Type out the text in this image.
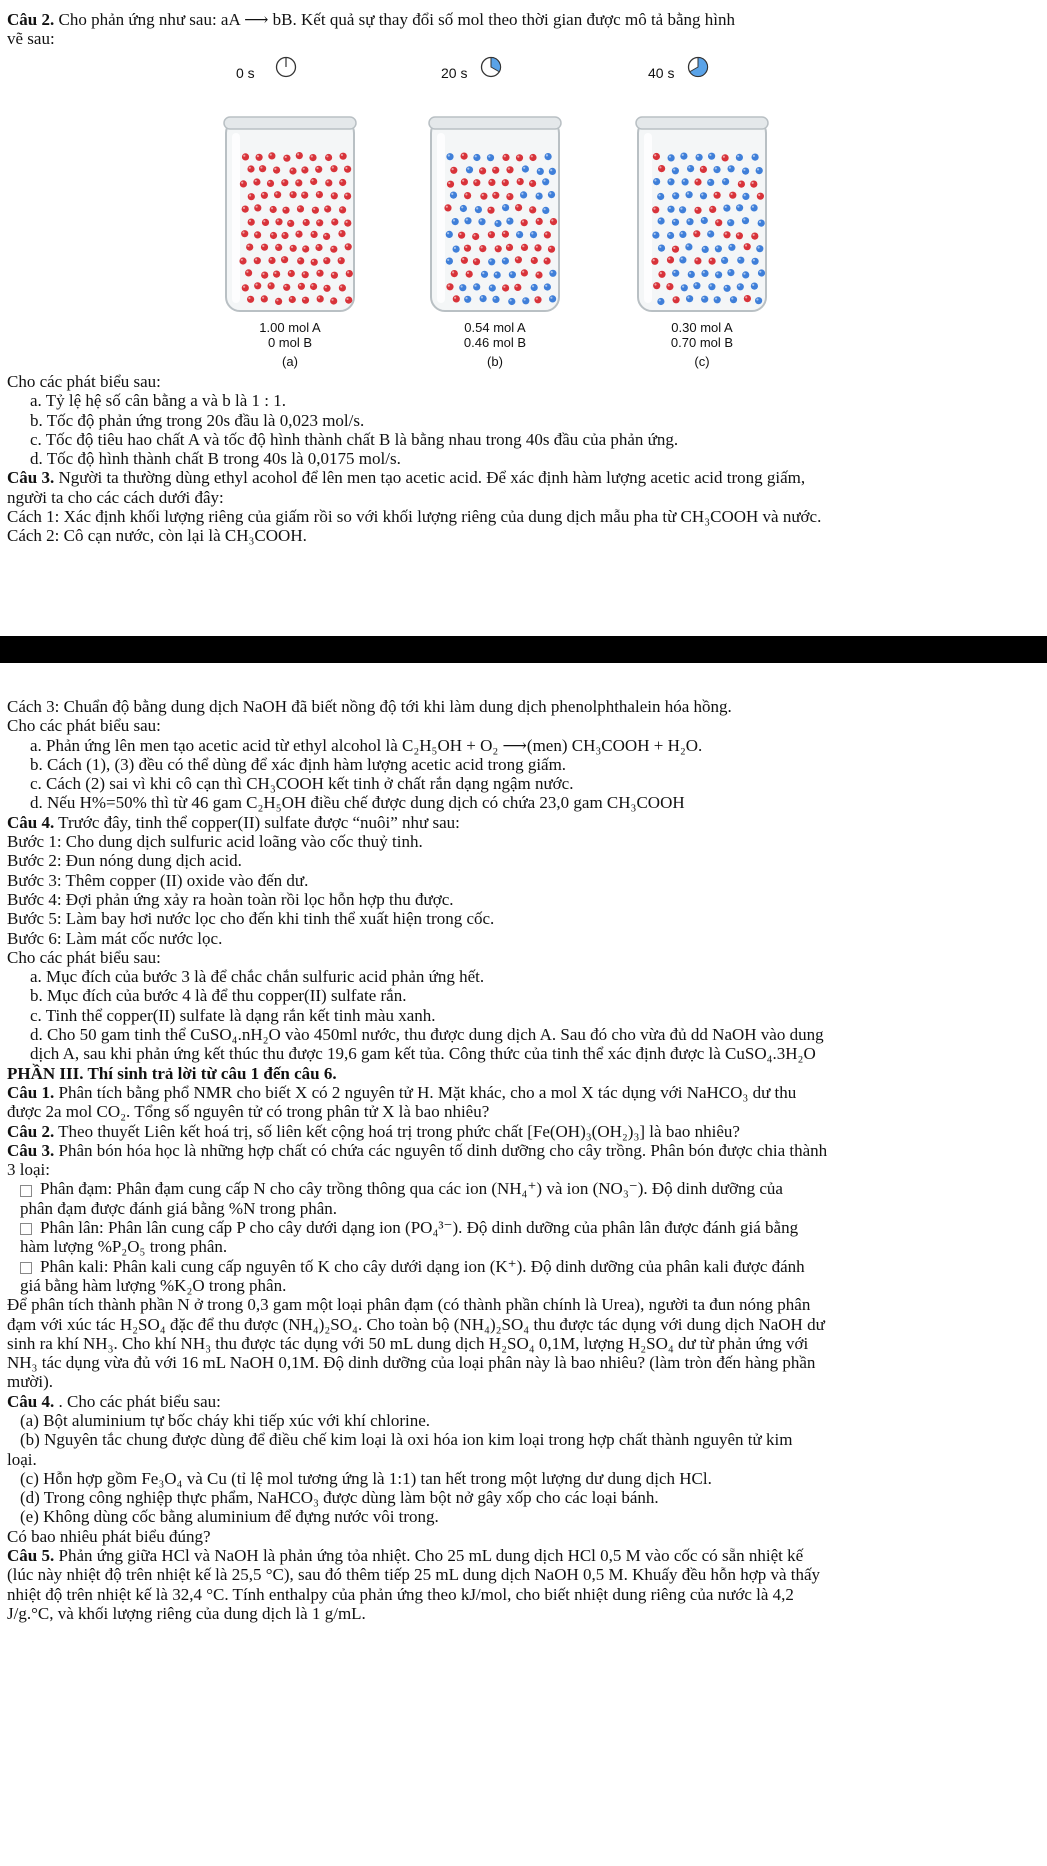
Câu 2. Cho phản ứng như sau: aA ⟶ bB. Kết quả sự thay đổi số mol theo thời gian được mô tả bằng hình

vẽ sau:

0 s
1.00 mol A
0 mol B
(a)
20 s
0.54 mol A
0.46 mol B
(b)
40 s
0.30 mol A
0.70 mol B
(c)

Cho các phát biểu sau:

a. Tỷ lệ hệ số cân bằng a và b là 1 : 1.

b. Tốc độ phản ứng trong 20s đầu là 0,023 mol/s.

c. Tốc độ tiêu hao chất A và tốc độ hình thành chất B là bằng nhau trong 40s đầu của phản ứng.

d. Tốc độ hình thành chất B trong 40s là 0,0175 mol/s.

Câu 3. Người ta thường dùng ethyl acohol để lên men tạo acetic acid. Để xác định hàm lượng acetic acid trong giấm,

người ta cho các cách dưới đây:

Cách 1: Xác định khối lượng riêng của giấm rồi so với khối lượng riêng của dung dịch mẫu pha từ CH₃COOH và nước.

Cách 2: Cô cạn nước, còn lại là CH₃COOH.

Cách 3: Chuẩn độ bằng dung dịch NaOH đã biết nồng độ tới khi làm dung dịch phenolphthalein hóa hồng.

Cho các phát biểu sau:

a. Phản ứng lên men tạo acetic acid từ ethyl alcohol là C₂H₅OH + O₂ ⟶(men) CH₃COOH + H₂O.

b. Cách (1), (3) đều có thể dùng để xác định hàm lượng acetic acid trong giấm.

c. Cách (2) sai vì khi cô cạn thì CH₃COOH kết tinh ở chất rắn dạng ngậm nước.

d. Nếu H%=50% thì từ 46 gam C₂H₅OH điều chế được dung dịch có chứa 23,0 gam CH₃COOH

Câu 4. Trước đây, tinh thể copper(II) sulfate được “nuôi” như sau:

Bước 1: Cho dung dịch sulfuric acid loãng vào cốc thuỷ tinh.

Bước 2: Đun nóng dung dịch acid.

Bước 3: Thêm copper (II) oxide vào đến dư.

Bước 4: Đợi phản ứng xảy ra hoàn toàn rồi lọc hỗn hợp thu được.

Bước 5: Làm bay hơi nước lọc cho đến khi tinh thể xuất hiện trong cốc.

Bước 6: Làm mát cốc nước lọc.

Cho các phát biểu sau:

a. Mục đích của bước 3 là để chắc chắn sulfuric acid phản ứng hết.

b. Mục đích của bước 4 là để thu copper(II) sulfate rắn.

c. Tinh thể copper(II) sulfate là dạng rắn kết tinh màu xanh.

d. Cho 50 gam tinh thể CuSO₄.nH₂O vào 450ml nước, thu được dung dịch A. Sau đó cho vừa đủ dd NaOH vào dung

dịch A, sau khi phản ứng kết thúc thu được 19,6 gam kết tủa. Công thức của tinh thể xác định được là CuSO₄.3H₂O

PHẦN III. Thí sinh trả lời từ câu 1 đến câu 6.

Câu 1. Phân tích bằng phổ NMR cho biết X có 2 nguyên tử H. Mặt khác, cho a mol X tác dụng với NaHCO₃ dư thu

được 2a mol CO₂. Tổng số nguyên tử có trong phân tử X là bao nhiêu?

Câu 2. Theo thuyết Liên kết hoá trị, số liên kết cộng hoá trị trong phức chất [Fe(OH)₃(OH₂)₃] là bao nhiêu?

Câu 3. Phân bón hóa học là những hợp chất có chứa các nguyên tố dinh dưỡng cho cây trồng. Phân bón được chia thành

3 loại:

Phân đạm: Phân đạm cung cấp N cho cây trồng thông qua các ion (NH₄⁺) và ion (NO₃⁻). Độ dinh dưỡng của

phân đạm được đánh giá bằng %N trong phân.

Phân lân: Phân lân cung cấp P cho cây dưới dạng ion (PO₄³⁻). Độ dinh dưỡng của phân lân được đánh giá bằng

hàm lượng %P₂O₅ trong phân.

Phân kali: Phân kali cung cấp nguyên tố K cho cây dưới dạng ion (K⁺). Độ dinh dưỡng của phân kali được đánh

giá bằng hàm lượng %K₂O trong phân.

Để phân tích thành phần N ở trong 0,3 gam một loại phân đạm (có thành phần chính là Urea), người ta đun nóng phân

đạm với xúc tác H₂SO₄ đặc để thu được (NH₄)₂SO₄. Cho toàn bộ (NH₄)₂SO₄ thu được tác dụng với dung dịch NaOH dư

sinh ra khí NH₃. Cho khí NH₃ thu được tác dụng với 50 mL dung dịch H₂SO₄ 0,1M, lượng H₂SO₄ dư từ phản ứng với

NH₃ tác dụng vừa đủ với 16 mL NaOH 0,1M. Độ dinh dưỡng của loại phân này là bao nhiêu? (làm tròn đến hàng phần

mười).

Câu 4. . Cho các phát biểu sau:

(a) Bột aluminium tự bốc cháy khi tiếp xúc với khí chlorine.

(b) Nguyên tắc chung được dùng để điều chế kim loại là oxi hóa ion kim loại trong hợp chất thành nguyên tử kim

loại.

(c) Hỗn hợp gồm Fe₃O₄ và Cu (tỉ lệ mol tương ứng là 1:1) tan hết trong một lượng dư dung dịch HCl.

(d) Trong công nghiệp thực phẩm, NaHCO₃ được dùng làm bột nở gây xốp cho các loại bánh.

(e) Không dùng cốc bằng aluminium để đựng nước vôi trong.

Có bao nhiêu phát biểu đúng?

Câu 5. Phản ứng giữa HCl và NaOH là phản ứng tỏa nhiệt. Cho 25 mL dung dịch HCl 0,5 M vào cốc có sẵn nhiệt kế

(lúc này nhiệt độ trên nhiệt kế là 25,5 °C), sau đó thêm tiếp 25 mL dung dịch NaOH 0,5 M. Khuấy đều hỗn hợp và thấy

nhiệt độ trên nhiệt kế là 32,4 °C. Tính enthalpy của phản ứng theo kJ/mol, cho biết nhiệt dung riêng của nước là 4,2

J/g.°C, và khối lượng riêng của dung dịch là 1 g/mL.
